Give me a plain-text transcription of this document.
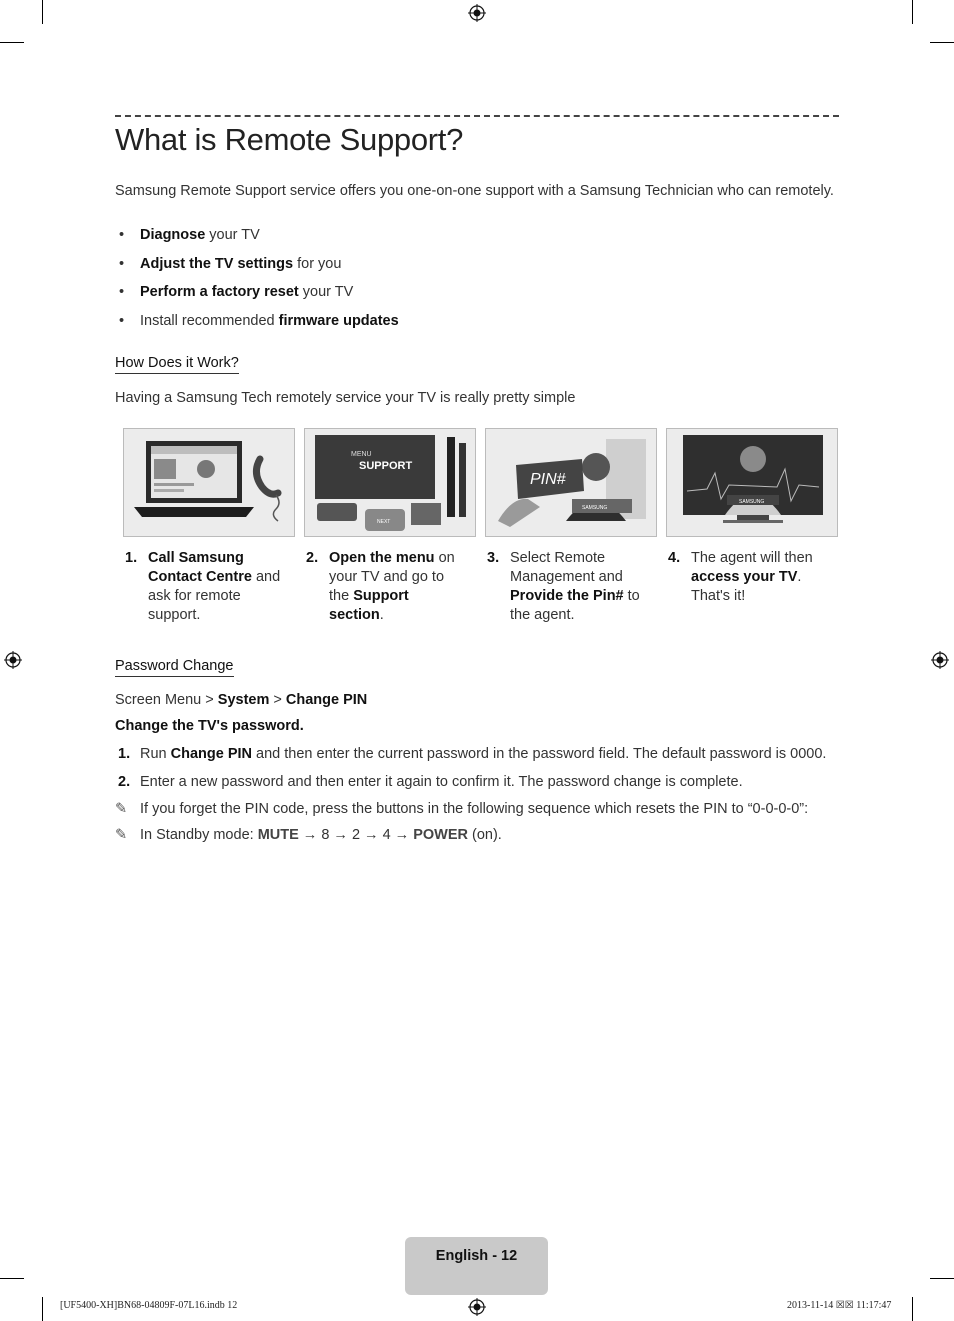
What is Remote Support?

Samsung Remote Support service offers you one-on-one support with a Samsung Technician who can remotely.

• Diagnose your TV
• Adjust the TV settings for you
• Perform a factory reset your TV
• Install recommended firmware updates
How Does it Work?

Having a Samsung Tech remotely service your TV is really pretty simple

MENU
SUPPORT
NEXT
SAMSUNG
PIN#
SAMSUNG
1. Call Samsung Contact Centre and ask for remote support.
2. Open the menu on your TV and go to the Support section.
3. Select Remote Management and Provide the Pin# to the agent.
4. The agent will then access your TV. That's it!
Password Change

Screen Menu > System > Change PIN

Change the TV's password.

1. Run Change PIN and then enter the current password in the password field. The default password is 0000.
2. Enter a new password and then enter it again to confirm it. The password change is complete.
✎ If you forget the PIN code, press the buttons in the following sequence which resets the PIN to “0-0-0-0”:
✎ In Standby mode: MUTE → 8 → 2 → 4 → POWER (on).
English - 12
[UF5400-XH]BN68-04809F-07L16.indb 12	2013-11-14 ☒☒ 11:17:47
